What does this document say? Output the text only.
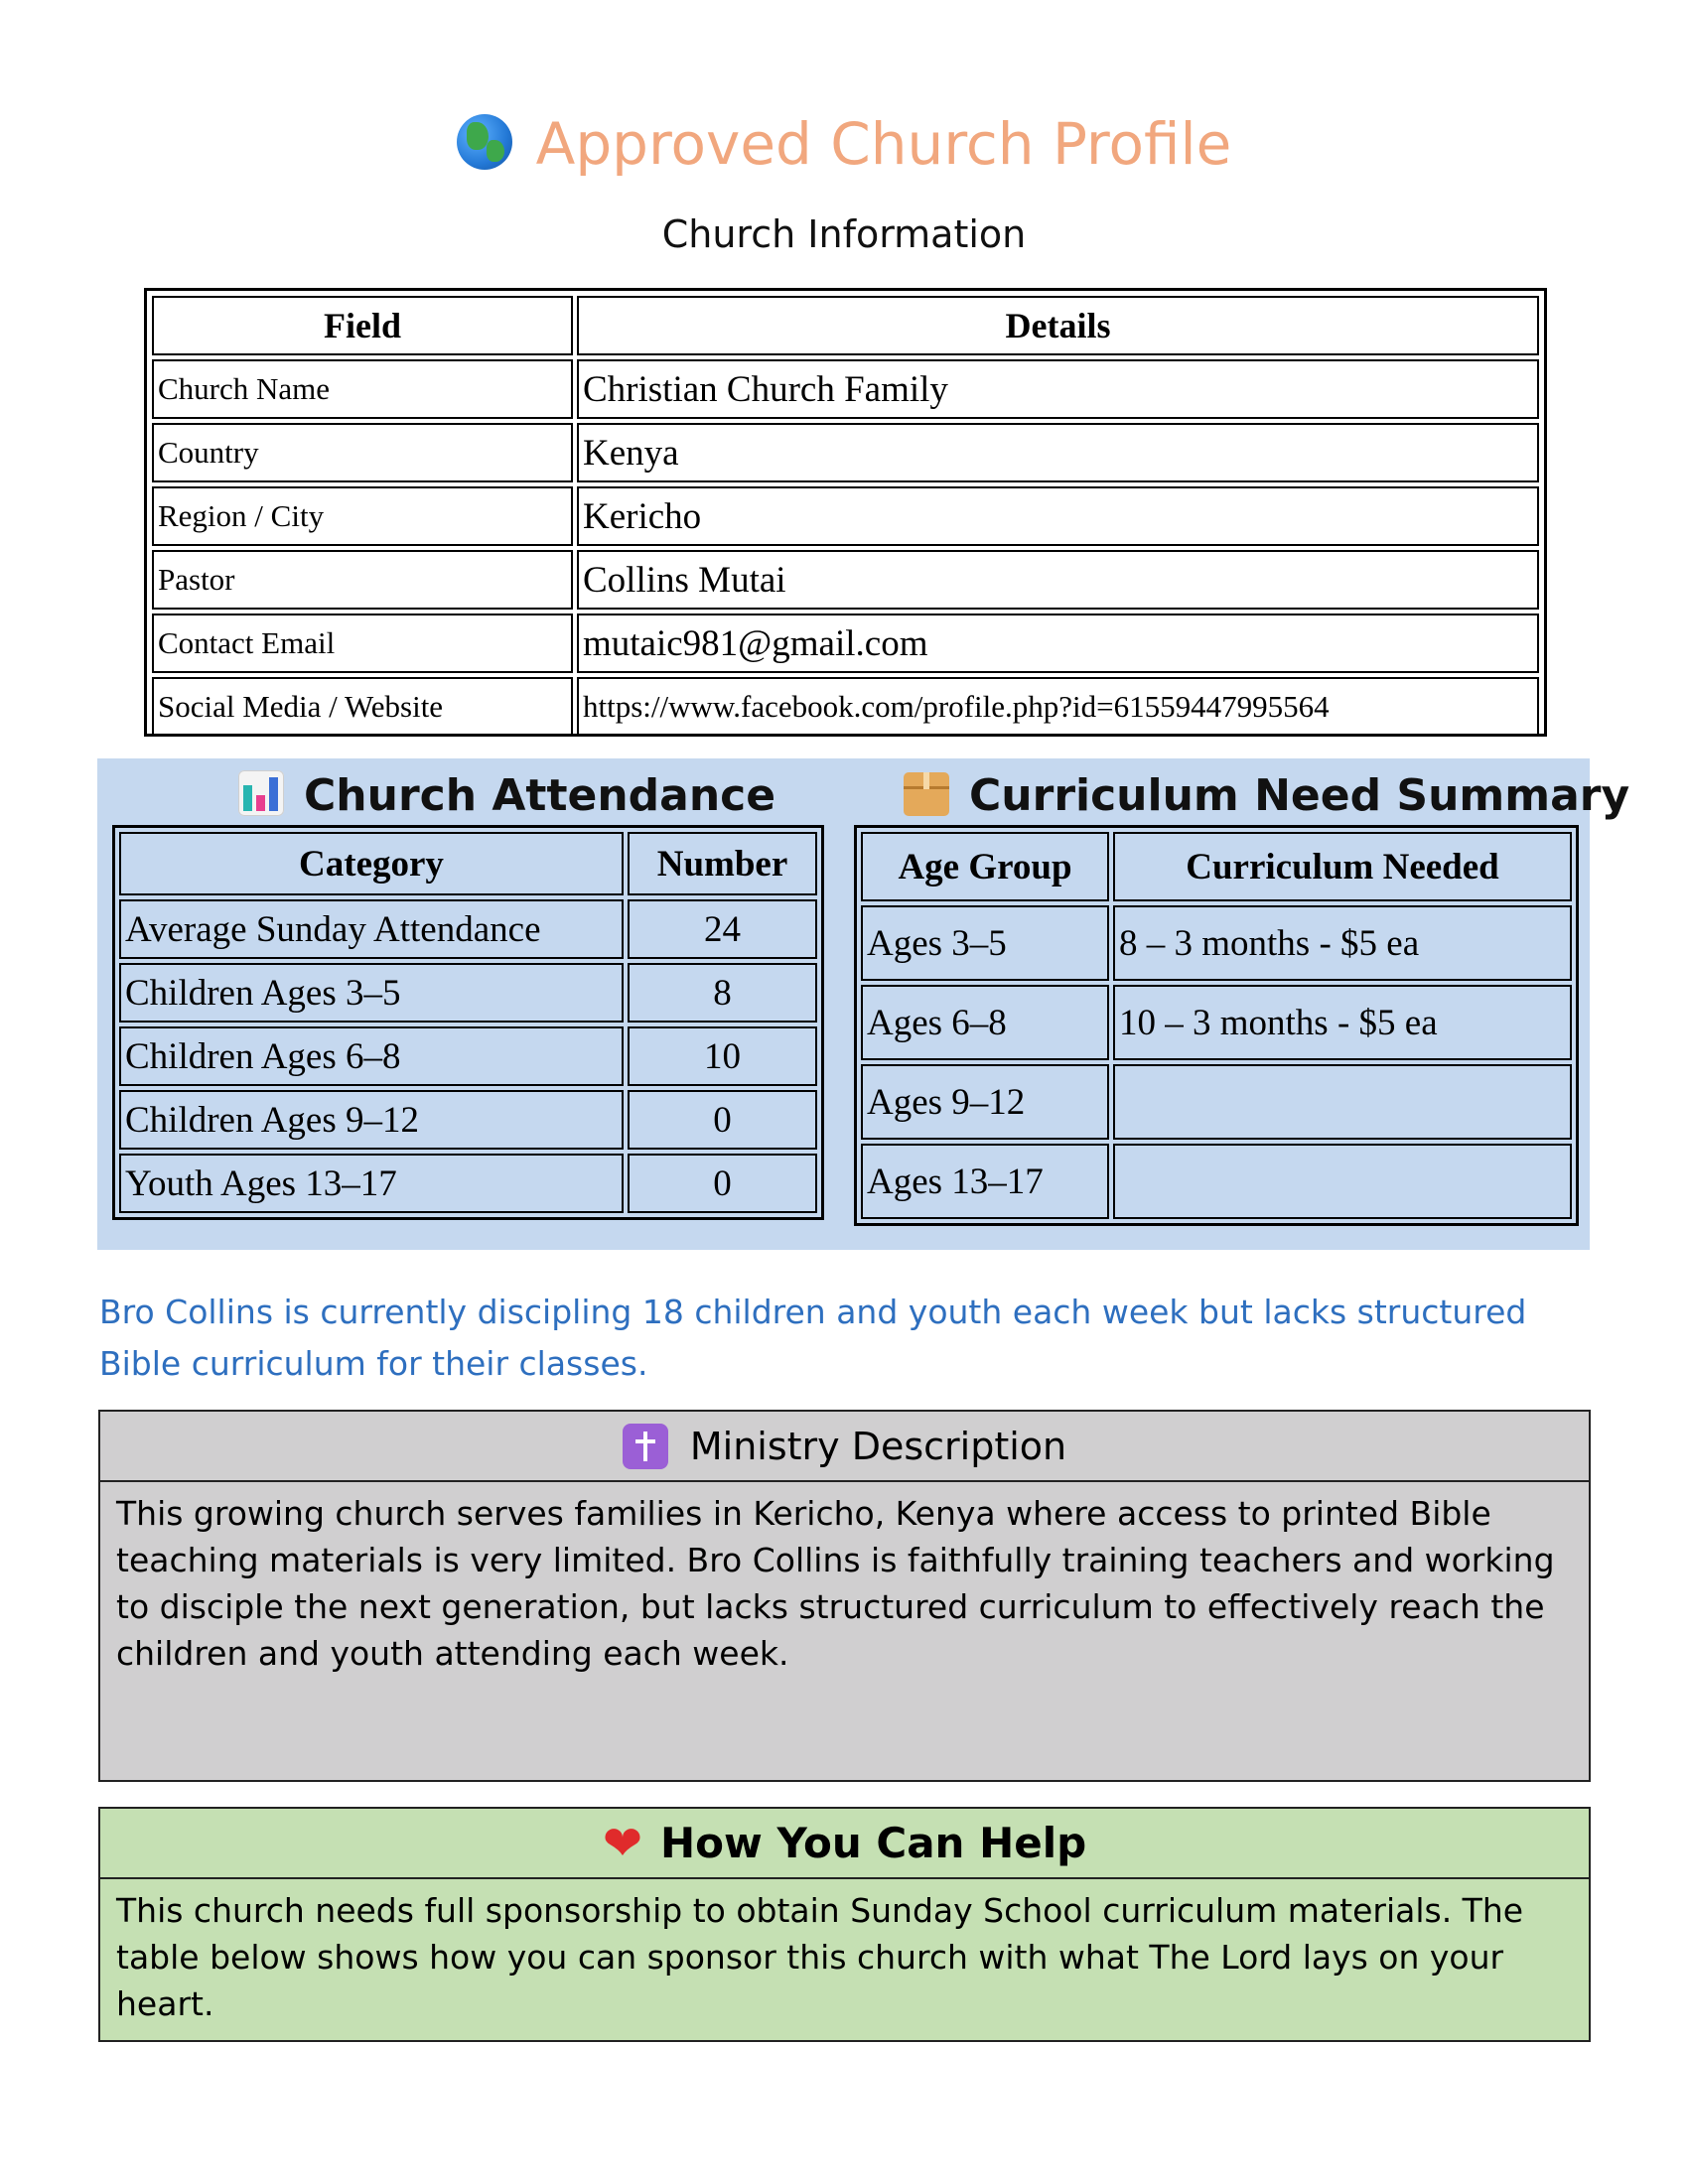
Approved Church Profile
Church Information
Field	Details
Church Name	Christian Church Family
Country	Kenya
Region / City	Kericho
Pastor	Collins Mutai
Contact Email	mutaic981@gmail.com
Social Media / Website	https://www.facebook.com/profile.php?id=61559447995564
Church Attendance	Curriculum Need Summary
Category	Number
Average Sunday Attendance	24
Children Ages 3–5	8
Children Ages 6–8	10
Children Ages 9–12	0
Youth Ages 13–17	0
Age Group	Curriculum Needed
Ages 3–5	8 – 3 months - $5 ea
Ages 6–8	10 – 3 months - $5 ea
Ages 9–12	
Ages 13–17	
Bro Collins is currently discipling 18 children and youth each week but lacks structured Bible curriculum for their classes.
Ministry Description
This growing church serves families in Kericho, Kenya where access to printed Bible teaching materials is very limited. Bro Collins is faithfully training teachers and working to disciple the next generation, but lacks structured curriculum to effectively reach the children and youth attending each week.
❤ How You Can Help
This church needs full sponsorship to obtain Sunday School curriculum materials. The table below shows how you can sponsor this church with what The Lord lays on your heart.
